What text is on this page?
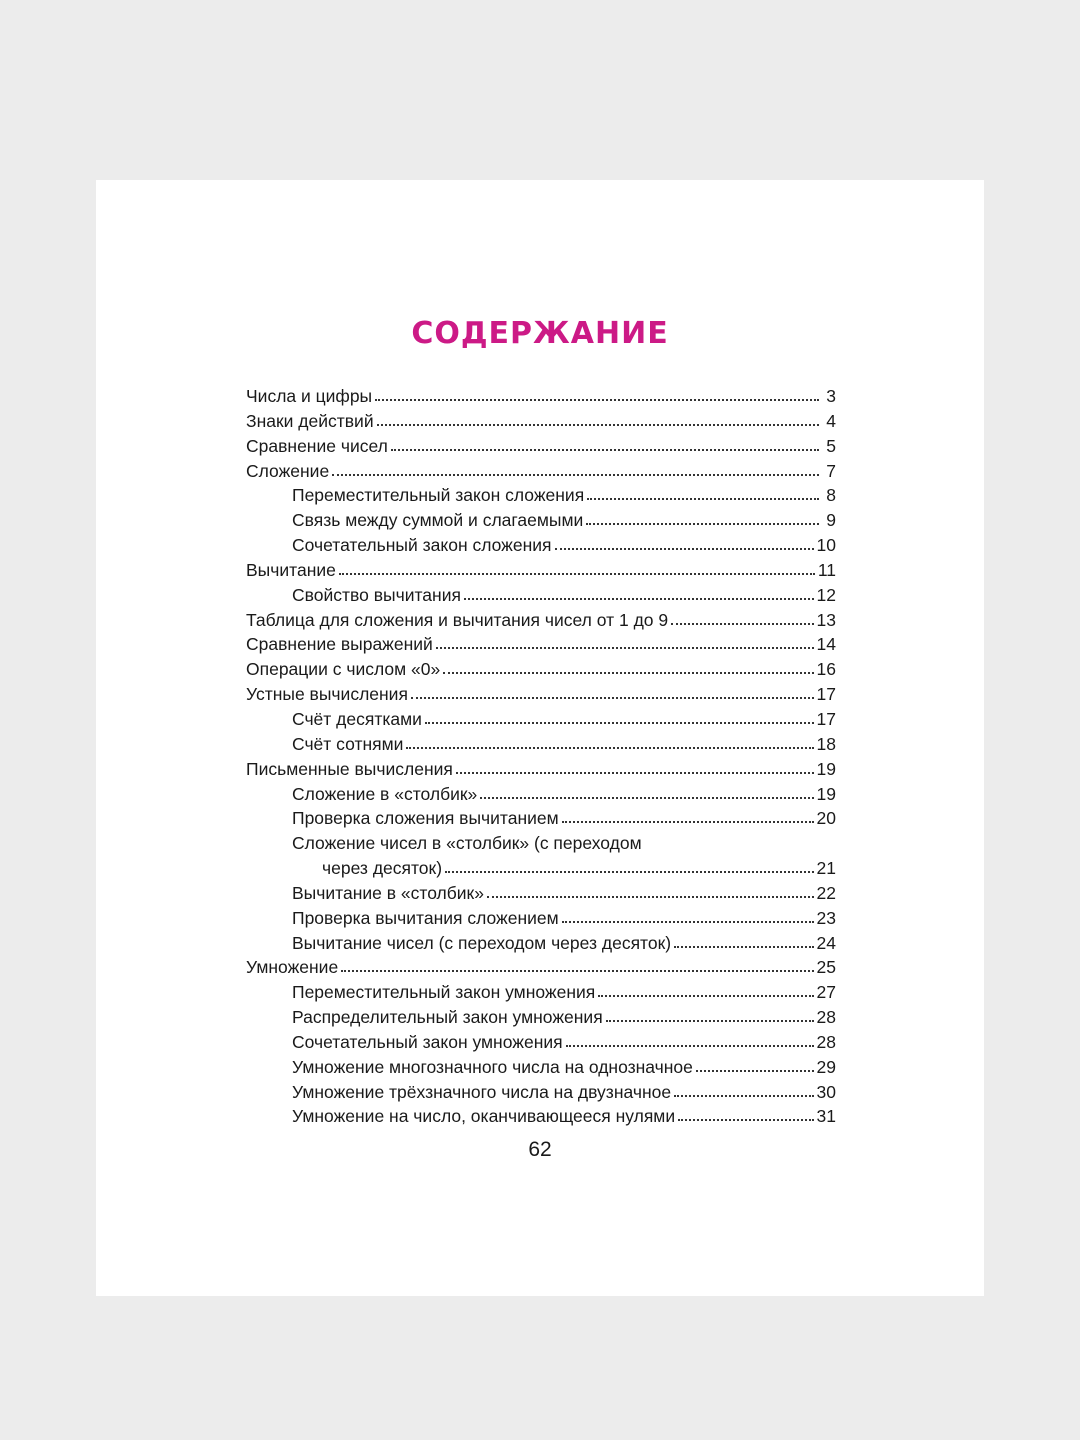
СОДЕРЖАНИЕ
Числа и цифры	3
Знаки действий	4
Сравнение чисел	5
Сложение	7
Переместительный закон сложения	8
Связь между суммой и слагаемыми	9
Сочетательный закон сложения	10
Вычитание	11
Свойство вычитания	12
Таблица для сложения и вычитания чисел от 1 до 9	13
Сравнение выражений	14
Операции с числом «0»	16
Устные вычисления	17
Счёт десятками	17
Счёт сотнями	18
Письменные вычисления	19
Сложение в «столбик»	19
Проверка сложения вычитанием	20
Сложение чисел в «столбик» (с переходом
через десяток)	21
Вычитание в «столбик»	22
Проверка вычитания сложением	23
Вычитание чисел (с переходом через десяток)	24
Умножение	25
Переместительный закон умножения	27
Распределительный закон умножения	28
Сочетательный закон умножения	28
Умножение многозначного числа на однозначное	29
Умножение трёхзначного числа на двузначное	30
Умножение на число, оканчивающееся нулями	31
62
